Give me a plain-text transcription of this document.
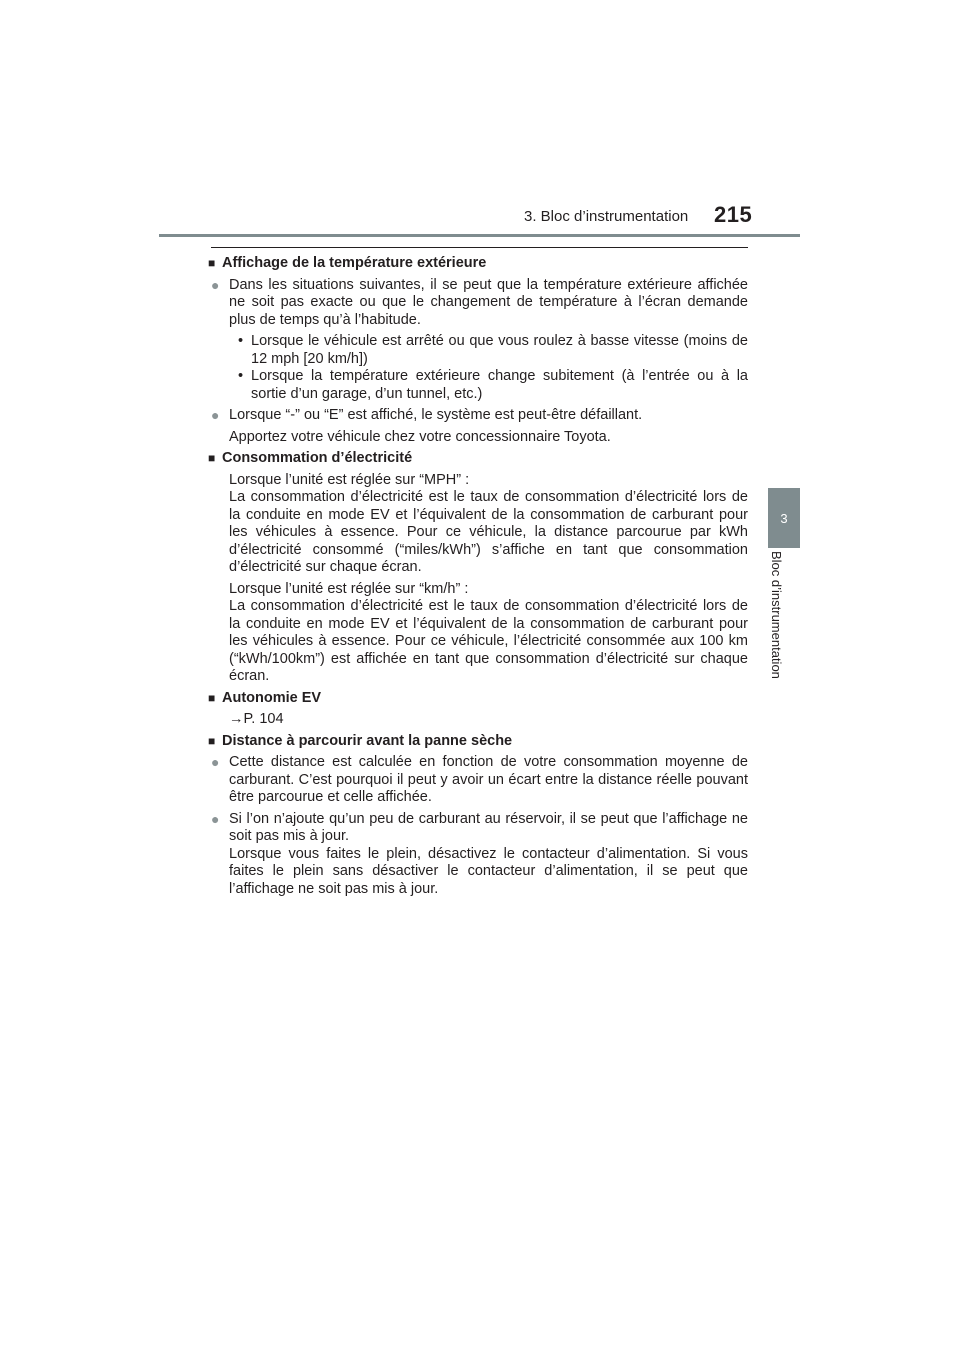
3. Bloc d’instrumentation 215
3
Bloc d’instrumentation
■ Affichage de la température extérieure
● Dans les situations suivantes, il se peut que la température extérieure affichée ne soit pas exacte ou que le changement de température à l’écran demande plus de temps qu’à l’habitude.
• Lorsque le véhicule est arrêté ou que vous roulez à basse vitesse (moins de 12 mph [20 km/h])
• Lorsque la température extérieure change subitement (à l’entrée ou à la sortie d’un garage, d’un tunnel, etc.)
● Lorsque “-” ou “E” est affiché, le système est peut-être défaillant.
Apportez votre véhicule chez votre concessionnaire Toyota.
■ Consommation d’électricité
Lorsque l’unité est réglée sur “MPH” :
La consommation d’électricité est le taux de consommation d’électricité lors de la conduite en mode EV et l’équivalent de la consommation de carburant pour les véhicules à essence. Pour ce véhicule, la distance parcourue par kWh d’électricité consommé (“miles/kWh”) s’affiche en tant que consommation d’électricité sur chaque écran.
Lorsque l’unité est réglée sur “km/h” :
La consommation d’électricité est le taux de consommation d’électricité lors de la conduite en mode EV et l’équivalent de la consommation de carburant pour les véhicules à essence. Pour ce véhicule, l’électricité consommée aux 100 km (“kWh/100km”) est affichée en tant que consommation d’électricité sur chaque écran.
■ Autonomie EV
→P. 104
■ Distance à parcourir avant la panne sèche
● Cette distance est calculée en fonction de votre consommation moyenne de carburant. C’est pourquoi il peut y avoir un écart entre la distance réelle pouvant être parcourue et celle affichée.
● Si l’on n’ajoute qu’un peu de carburant au réservoir, il se peut que l’affichage ne soit pas mis à jour.
Lorsque vous faites le plein, désactivez le contacteur d’alimentation. Si vous faites le plein sans désactiver le contacteur d’alimentation, il se peut que l’affichage ne soit pas mis à jour.
